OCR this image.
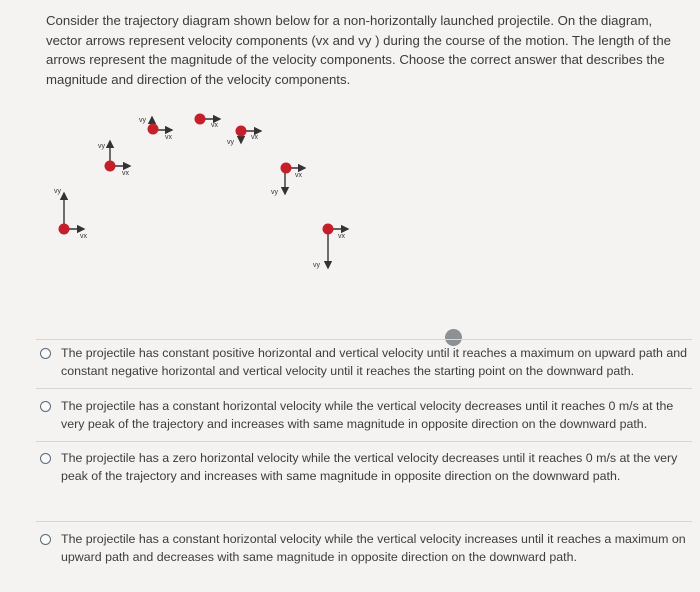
Consider the trajectory diagram shown below for a non-horizontally launched projectile. On the diagram, vector arrows represent velocity components (vx and vy ) during the course of the motion. The length of the arrows represent the magnitude of the velocity components. Choose the correct answer that describes the magnitude and direction of the velocity components.

vy
vx
vy
vx
vy
vx
vx
vy
vx
vy
vx
vy
vx
The projectile has constant positive horizontal and vertical velocity until it reaches a maximum on upward path and constant negative horizontal and vertical velocity until it reaches the starting point on the downward path.
The projectile has a constant horizontal velocity while the vertical velocity decreases until it reaches 0 m/s at the very peak of the trajectory and increases with same magnitude in opposite direction on the downward path.
The projectile has a zero horizontal velocity while the vertical velocity decreases until it reaches 0 m/s at the very peak of the trajectory and increases with same magnitude in opposite direction on the downward path.
The projectile has a constant horizontal velocity while the vertical velocity increases until it reaches a maximum on upward path and decreases with same magnitude in opposite direction on the downward path.
